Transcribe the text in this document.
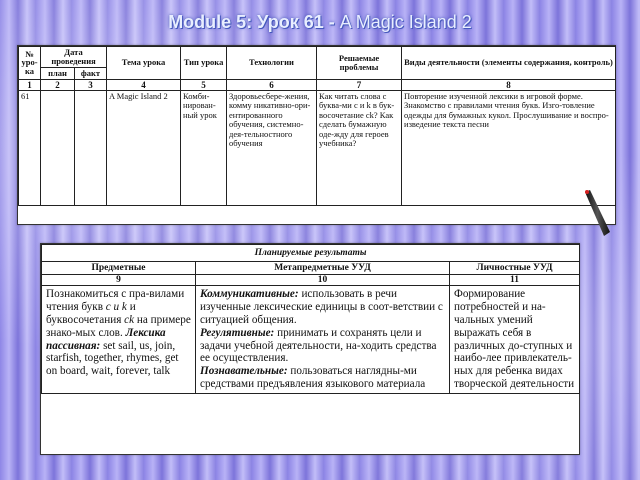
Module 5: Урок 61 - A Magic Island 2
№ уро-ка	Дата проведения		Тема урока	Тип урока	Технологии	Решаемые проблемы	Виды деятельности (элементы содержания, контроль)
	план	факт					
1	2	3	4	5	6	7	8
61			A Magic Island 2	Комби-нирован-ный урок	Здоровьесбере-жения, комму никативно-ори-ентированного обучения, системно-дея-тельностного обучения	Как читать слова с буква-ми c и k в бук-восочетание ck? Как сделать бумажную оде-жду для героев учебника?	Повторение изученной лексики в игровой форме. Знакомство с правилами чтения букв. Изго-товление одежды для бумажных кукол. Прослушивание и воспро-изведение текста песни
Планируемые результаты		
Предметные	Метапредметные УУД	Личностные УУД
9	10	11
Познакомиться с пра-вилами чтения букв c и k и буквосочетания ck на примере знако-мых слов. Лексика пассивная: set sail, us, join, starfish, together, rhymes, get on board, wait, forever, talk	Коммуникативные: использовать в речи изученные лексические единицы в соот-ветствии с ситуацией общения.
Регулятивные: принимать и сохранять цели и задачи учебной деятельности, на-ходить средства ее осуществления.
Познавательные: пользоваться наглядны-ми средствами предъявления языкового материала	Формирование потребностей и на-чальных умений выражать себя в различных до-ступных и наибо-лее привлекатель-ных для ребенка видах творческой деятельности
